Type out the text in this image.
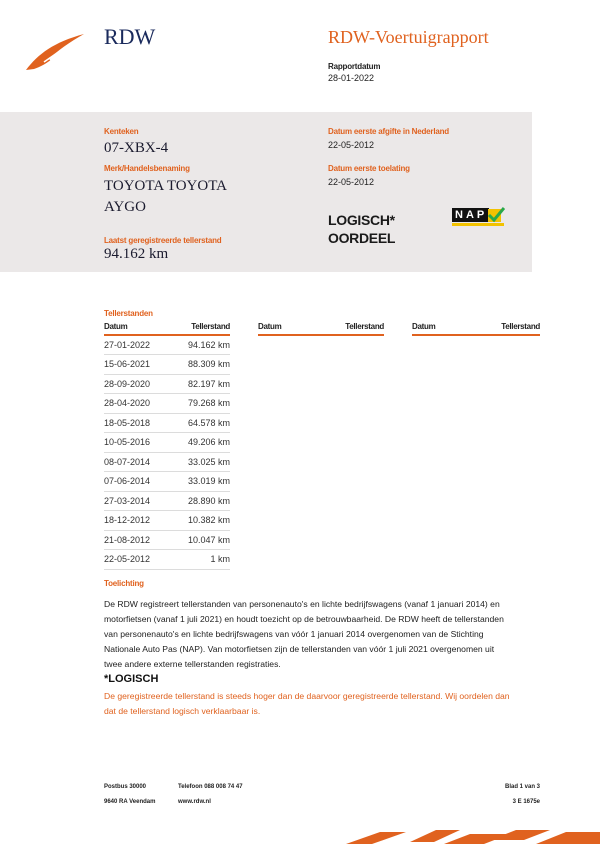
RDW	RDW-Voertuigrapport
Rapportdatum
28-01-2022
Kenteken
07-XBX-4
Merk/Handelsbenaming
TOYOTA TOYOTA
AYGO
Laatst geregistreerde tellerstand
94.162 km
Datum eerste afgifte in Nederland
22-05-2012
Datum eerste toelating
22-05-2012
LOGISCH*
OORDEEL
NAP
Tellerstanden
Datum	Tellerstand
27-01-2022	94.162 km
15-06-2021	88.309 km
28-09-2020	82.197 km
28-04-2020	79.268 km
18-05-2018	64.578 km
10-05-2016	49.206 km
08-07-2014	33.025 km
07-06-2014	33.019 km
27-03-2014	28.890 km
18-12-2012	10.382 km
21-08-2012	10.047 km
22-05-2012	1 km
Datum	Tellerstand	Datum	Tellerstand
Toelichting
De RDW registreert tellerstanden van personenauto's en lichte bedrijfswagens (vanaf 1 januari 2014) en
motorfietsen (vanaf 1 juli 2021) en houdt toezicht op de betrouwbaarheid. De RDW heeft de tellerstanden
van personenauto's en lichte bedrijfswagens van vóór 1 januari 2014 overgenomen van de Stichting
Nationale Auto Pas (NAP). Van motorfietsen zijn de tellerstanden van vóór 1 juli 2021 overgenomen uit
twee andere externe tellerstanden registraties.
*LOGISCH
De geregistreerde tellerstand is steeds hoger dan de daarvoor geregistreerde tellerstand. Wij oordelen dan
dat de tellerstand logisch verklaarbaar is.
Postbus 30000
9640 RA Veendam
Telefoon 088 008 74 47
www.rdw.nl
Blad 1 van 3
3 E 1675e
